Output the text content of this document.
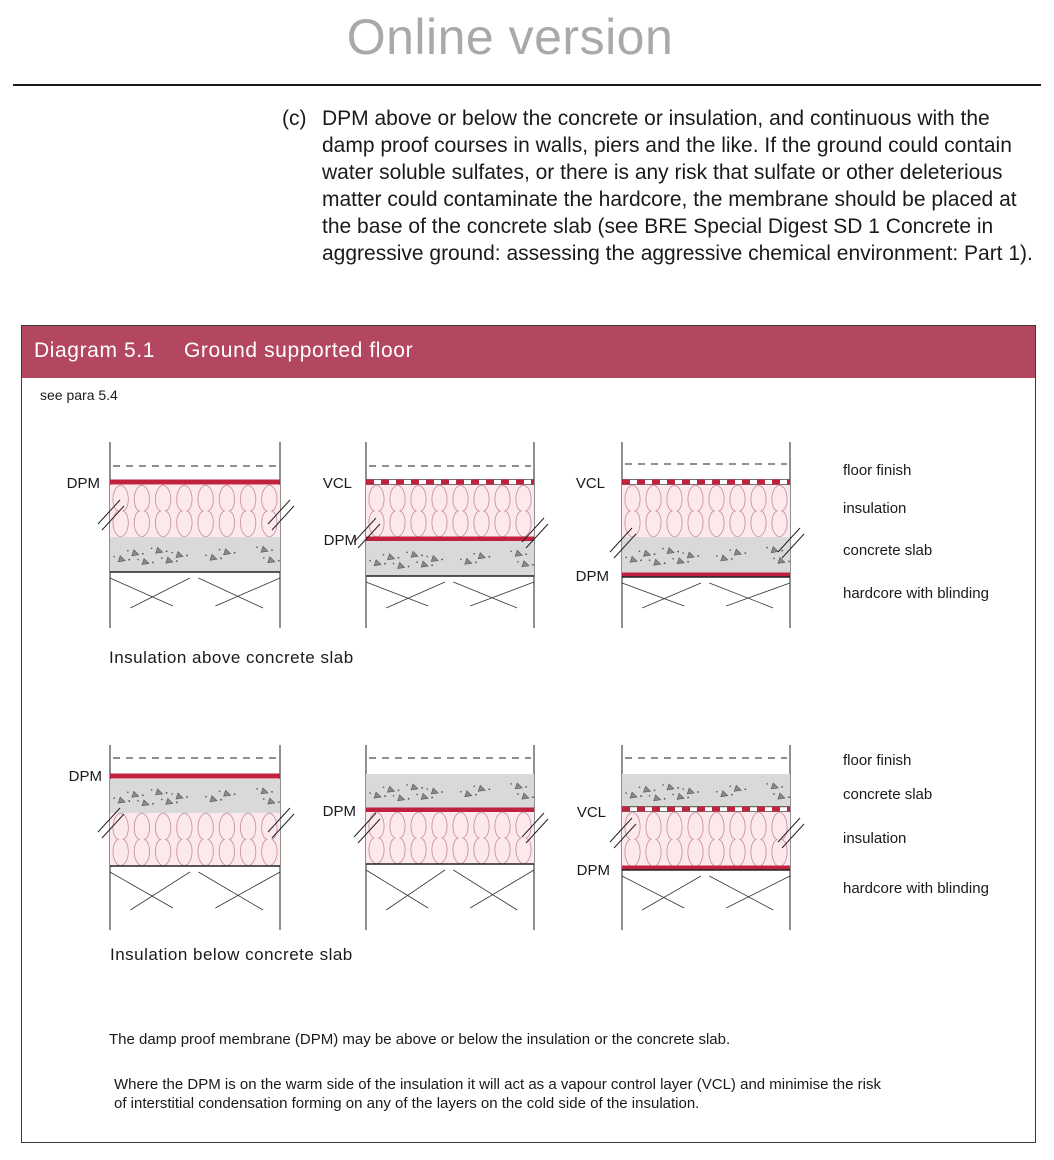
Online version
(c) DPM above or below the concrete or insulation, and continuous with the damp proof courses in walls, piers and the like. If the ground could contain water soluble sulfates, or there is any risk that sulfate or other deleterious matter could contaminate the hardcore, the membrane should be placed at the base of the concrete slab (see BRE Special Digest SD 1 Concrete in aggressive ground: assessing the aggressive chemical environment: Part 1).
Diagram 5.1 Ground supported floor
see para 5.4
Insulation above concrete slab
Insulation below concrete slab
The damp proof membrane (DPM) may be above or below the insulation or the concrete slab.
Where the DPM is on the warm side of the insulation it will act as a vapour control layer (VCL) and minimise the risk of interstitial condensation forming on any of the layers on the cold side of the insulation.
DPM	VCL
DPM
VCL
DPM
floor finish
insulation
concrete slab
hardcore with blinding
DPM
DPM	VCL
DPM
floor finish
concrete slab
insulation
hardcore with blinding
